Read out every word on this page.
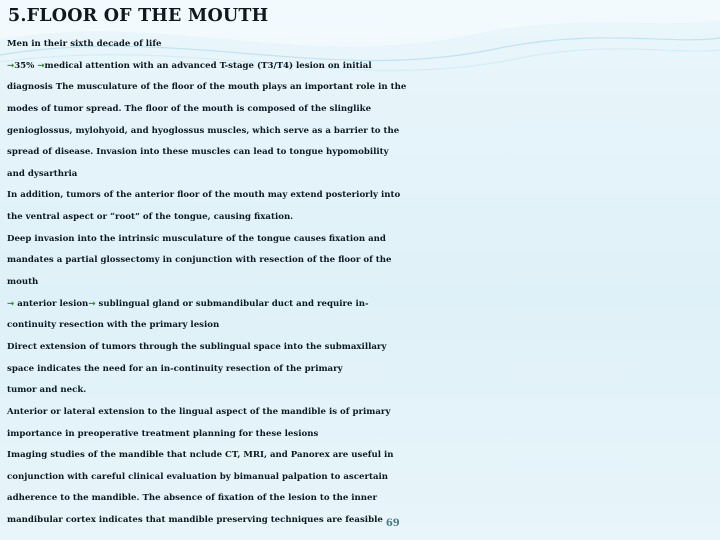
5.FLOOR OF THE MOUTH
Men in their sixth decade of life
→35% →medical attention with an advanced T-stage (T3/T4) lesion on initial
diagnosis The musculature of the floor of the mouth plays an important role in the
modes of tumor spread. The floor of the mouth is composed of the slinglike
genioglossus, mylohyoid, and hyoglossus muscles, which serve as a barrier to the
spread of disease. Invasion into these muscles can lead to tongue hypomobility
and dysarthria
In addition, tumors of the anterior floor of the mouth may extend posteriorly into
the ventral aspect or “root” of the tongue, causing fixation.
Deep invasion into the intrinsic musculature of the tongue causes fixation and
mandates a partial glossectomy in conjunction with resection of the floor of the
mouth
→ anterior lesion→ sublingual gland or submandibular duct and require in-
continuity resection with the primary lesion
Direct extension of tumors through the sublingual space into the submaxillary
space indicates the need for an in-continuity resection of the primary
tumor and neck.
Anterior or lateral extension to the lingual aspect of the mandible is of primary
importance in preoperative treatment planning for these lesions
Imaging studies of the mandible that nclude CT, MRI, and Panorex are useful in
conjunction with careful clinical evaluation by bimanual palpation to ascertain
adherence to the mandible. The absence of fixation of the lesion to the inner
mandibular cortex indicates that mandible preserving techniques are feasible 69
